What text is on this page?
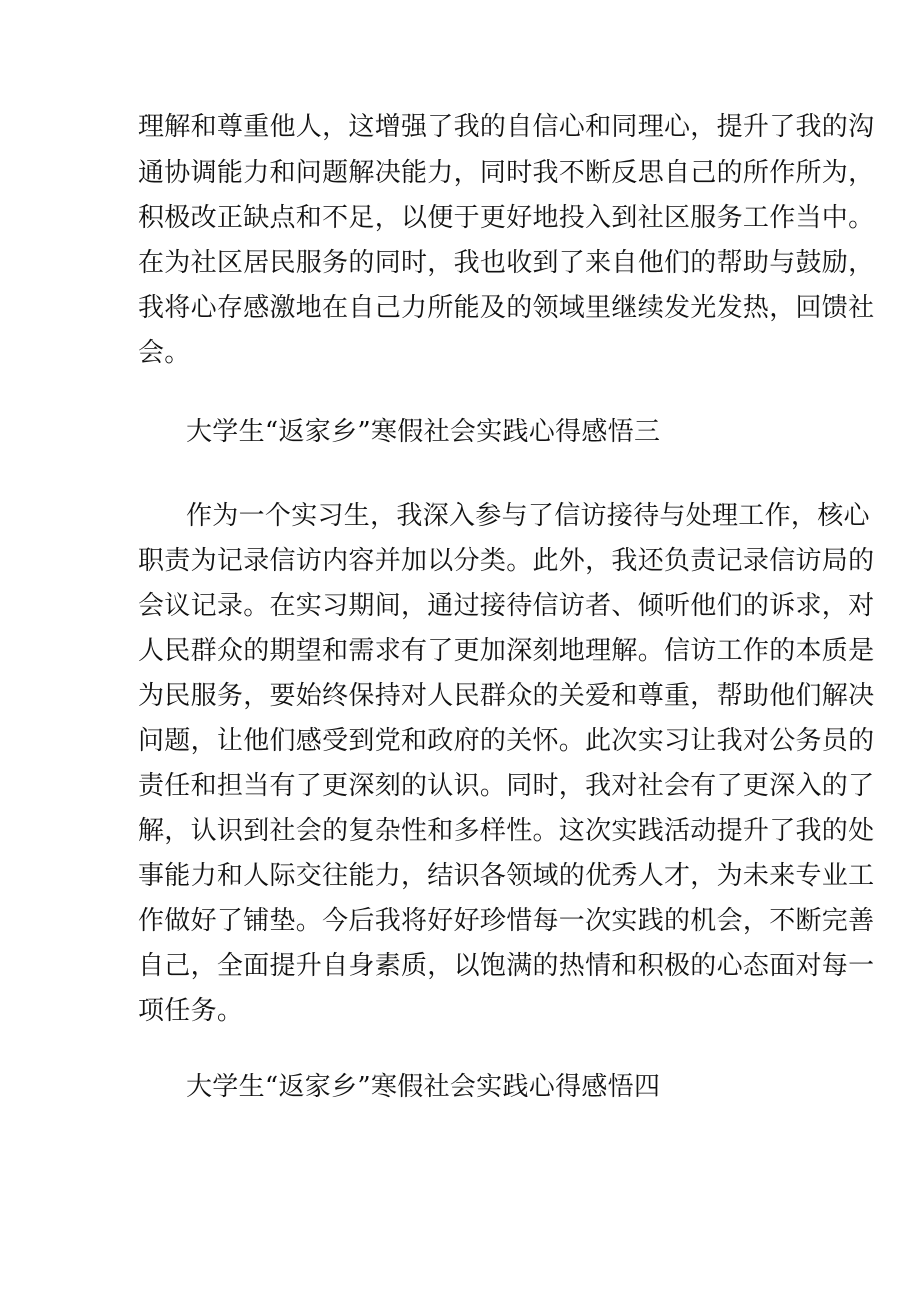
理解和尊重他人，这增强了我的自信心和同理心，提升了我的沟
通协调能力和问题解决能力，同时我不断反思自己的所作所为，
积极改正缺点和不足，以便于更好地投入到社区服务工作当中。
在为社区居民服务的同时，我也收到了来自他们的帮助与鼓励，
我将心存感激地在自己力所能及的领域里继续发光发热，回馈社
会。
大学生“返家乡”寒假社会实践心得感悟三
作为一个实习生，我深入参与了信访接待与处理工作，核心
职责为记录信访内容并加以分类。此外，我还负责记录信访局的
会议记录。在实习期间，通过接待信访者、倾听他们的诉求，对
人民群众的期望和需求有了更加深刻地理解。信访工作的本质是
为民服务，要始终保持对人民群众的关爱和尊重，帮助他们解决
问题，让他们感受到党和政府的关怀。此次实习让我对公务员的
责任和担当有了更深刻的认识。同时，我对社会有了更深入的了
解，认识到社会的复杂性和多样性。这次实践活动提升了我的处
事能力和人际交往能力，结识各领域的优秀人才，为未来专业工
作做好了铺垫。今后我将好好珍惜每一次实践的机会，不断完善
自己，全面提升自身素质，以饱满的热情和积极的心态面对每一
项任务。
大学生“返家乡”寒假社会实践心得感悟四
